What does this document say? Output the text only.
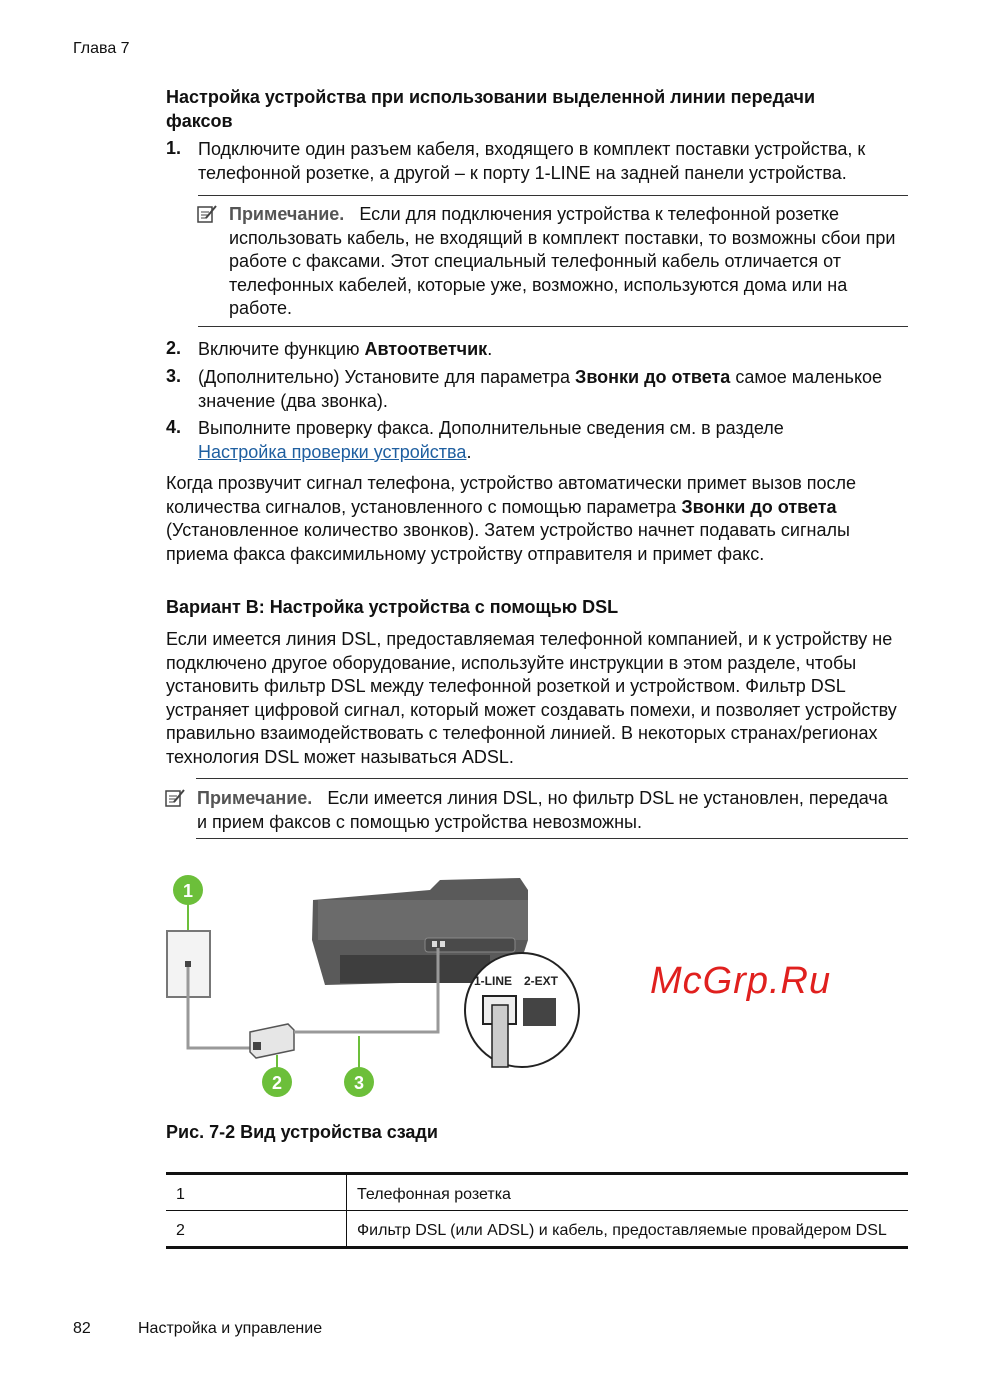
Глава 7
Настройка устройства при использовании выделенной линии передачи факсов
1. Подключите один разъем кабеля, входящего в комплект поставки устройства, к телефонной розетке, а другой – к порту 1-LINE на задней панели устройства.
Примечание. Если для подключения устройства к телефонной розетке использовать кабель, не входящий в комплект поставки, то возможны сбои при работе с факсами. Этот специальный телефонный кабель отличается от телефонных кабелей, которые уже, возможно, используются дома или на работе.
2. Включите функцию Автоответчик.
3. (Дополнительно) Установите для параметра Звонки до ответа самое маленькое значение (два звонка).
4. Выполните проверку факса. Дополнительные сведения см. в разделе Настройка проверки устройства.
Когда прозвучит сигнал телефона, устройство автоматически примет вызов после количества сигналов, установленного с помощью параметра Звонки до ответа (Установленное количество звонков). Затем устройство начнет подавать сигналы приема факса факсимильному устройству отправителя и примет факс.
Вариант B: Настройка устройства с помощью DSL
Если имеется линия DSL, предоставляемая телефонной компанией, и к устройству не подключено другое оборудование, используйте инструкции в этом разделе, чтобы установить фильтр DSL между телефонной розеткой и устройством. Фильтр DSL устраняет цифровой сигнал, который может создавать помехи, и позволяет устройству правильно взаимодействовать с телефонной линией. В некоторых странах/регионах технология DSL может называться ADSL.
Примечание. Если имеется линия DSL, но фильтр DSL не установлен, передача и прием факсов с помощью устройства невозможны.
1-LINE 2-EXT
1
2	3
McGrp.Ru
Рис. 7-2 Вид устройства сзади
1	Телефонная розетка
2	Фильтр DSL (или ADSL) и кабель, предоставляемые провайдером DSL
82	Настройка и управление
